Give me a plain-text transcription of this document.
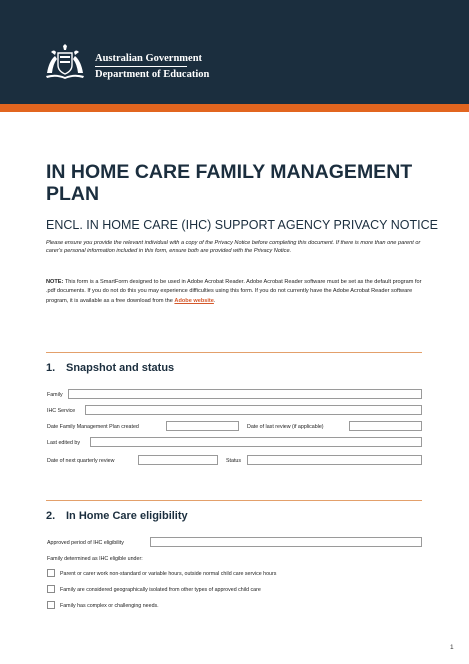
Australian Government
Department of Education
IN HOME CARE FAMILY MANAGEMENT PLAN
ENCL. IN HOME CARE (IHC) SUPPORT AGENCY PRIVACY NOTICE
Please ensure you provide the relevant individual with a copy of the Privacy Notice before completing this document. If there is more than one parent or carer's personal information included in this form, ensure both are provided with the Privacy Notice.
NOTE: This form is a SmartForm designed to be used in Adobe Acrobat Reader. Adobe Acrobat Reader software must be set as the default program for .pdf documents. If you do not do this you may experience difficulties using this form. If you do not currently have the Adobe Acrobat Reader software program, it is available as a free download from the Adobe website.
1. Snapshot and status
Family
IHC Service
Date Family Management Plan created	Date of last review (if applicable)
Last edited by
Date of next quarterly review	Status
2. In Home Care eligibility
Approved period of IHC eligibility
Family determined as IHC eligible under:
Parent or carer work non-standard or variable hours, outside normal child care service hours
Family are considered geographically isolated from other types of approved child care
Family has complex or challenging needs.
1
